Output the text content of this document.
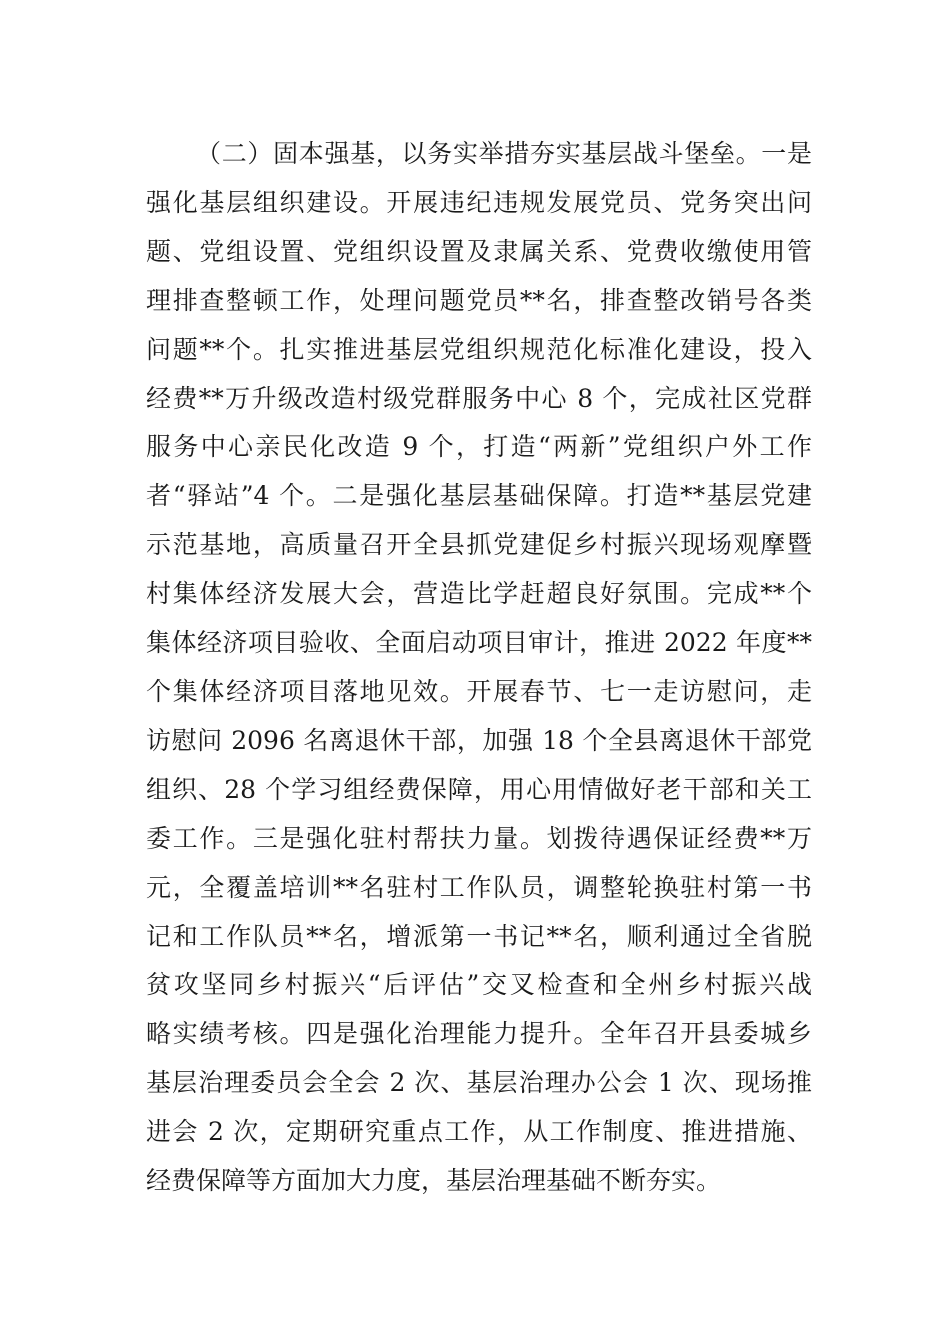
（二）固本强基，以务实举措夯实基层战斗堡垒。一是
强化基层组织建设。开展违纪违规发展党员、党务突出问
题、党组设置、党组织设置及隶属关系、党费收缴使用管
理排查整顿工作，处理问题党员**名，排查整改销号各类
问题**个。扎实推进基层党组织规范化标准化建设，投入
经费**万升级改造村级党群服务中心 8 个，完成社区党群
服务中心亲民化改造 9 个，打造“两新”党组织户外工作
者“驿站”4 个。二是强化基层基础保障。打造**基层党建
示范基地，高质量召开全县抓党建促乡村振兴现场观摩暨
村集体经济发展大会，营造比学赶超良好氛围。完成**个
集体经济项目验收、全面启动项目审计，推进 2022 年度**
个集体经济项目落地见效。开展春节、七一走访慰问，走
访慰问 2096 名离退休干部，加强 18 个全县离退休干部党
组织、28 个学习组经费保障，用心用情做好老干部和关工
委工作。三是强化驻村帮扶力量。划拨待遇保证经费**万
元，全覆盖培训**名驻村工作队员，调整轮换驻村第一书
记和工作队员**名，增派第一书记**名，顺利通过全省脱
贫攻坚同乡村振兴“后评估”交叉检查和全州乡村振兴战
略实绩考核。四是强化治理能力提升。全年召开县委城乡
基层治理委员会全会 2 次、基层治理办公会 1 次、现场推
进会 2 次，定期研究重点工作，从工作制度、推进措施、
经费保障等方面加大力度，基层治理基础不断夯实。
